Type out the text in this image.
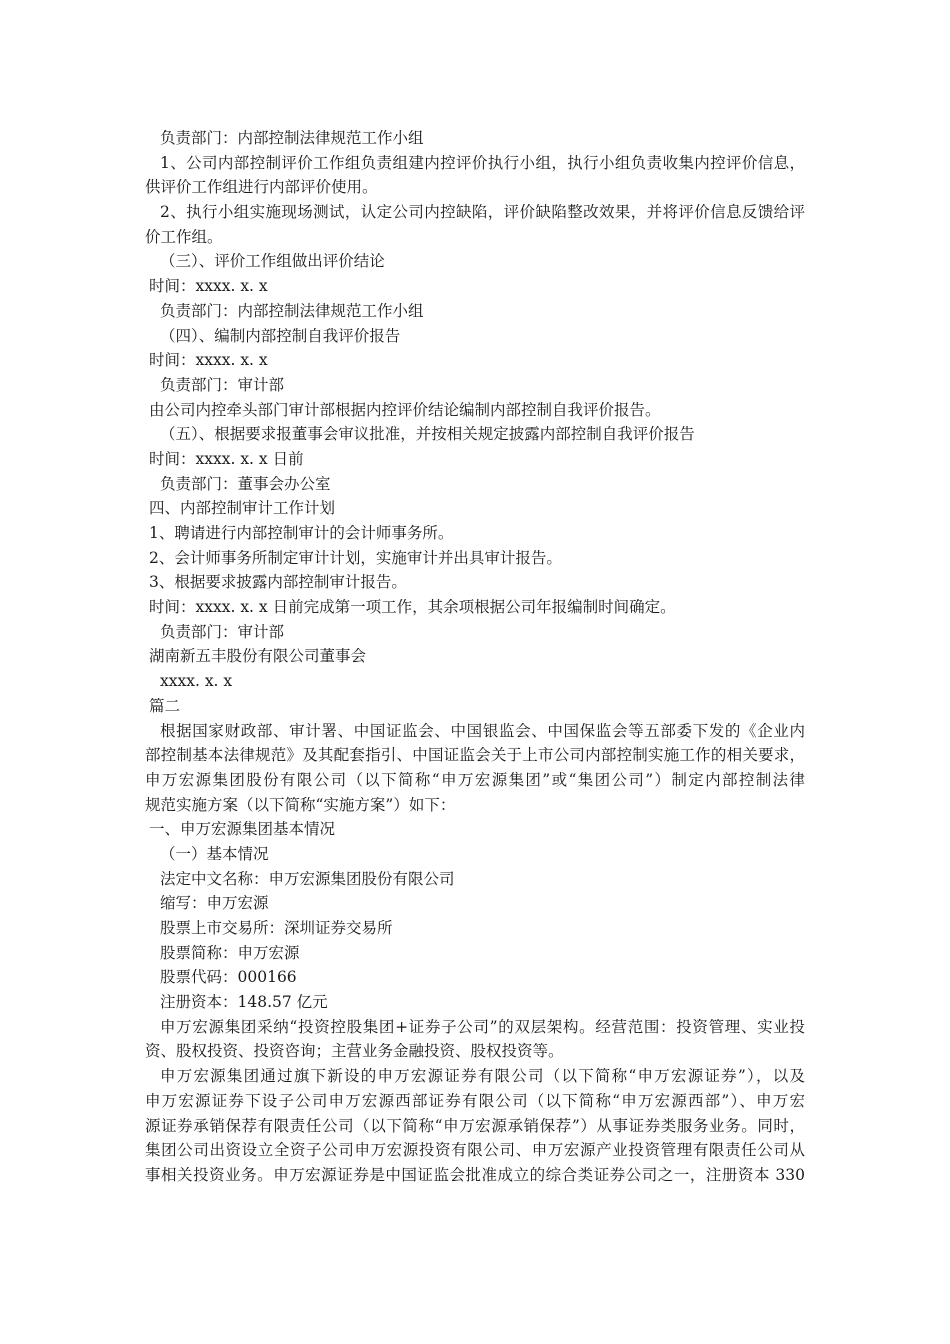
负责部门：内部控制法律规范工作小组
1、公司内部控制评价工作组负责组建内控评价执行小组，执行小组负责收集内控评价信息，
供评价工作组进行内部评价使用。
2、执行小组实施现场测试，认定公司内控缺陷，评价缺陷整改效果，并将评价信息反馈给评
价工作组。
（三）、评价工作组做出评价结论
时间：xxxx. x. x
负责部门：内部控制法律规范工作小组
（四）、编制内部控制自我评价报告
时间：xxxx. x. x
负责部门：审计部
由公司内控牵头部门审计部根据内控评价结论编制内部控制自我评价报告。
（五）、根据要求报董事会审议批准，并按相关规定披露内部控制自我评价报告
时间：xxxx. x. x 日前
负责部门：董事会办公室
四、内部控制审计工作计划
1、聘请进行内部控制审计的会计师事务所。
2、会计师事务所制定审计计划，实施审计并出具审计报告。
3、根据要求披露内部控制审计报告。
时间：xxxx. x. x 日前完成第一项工作，其余项根据公司年报编制时间确定。
负责部门：审计部
湖南新五丰股份有限公司董事会
xxxx. x. x
篇二
根据国家财政部、审计署、中国证监会、中国银监会、中国保监会等五部委下发的《企业内
部控制基本法律规范》及其配套指引、中国证监会关于上市公司内部控制实施工作的相关要求，
申万宏源集团股份有限公司（以下简称“申万宏源集团”或“集团公司”）制定内部控制法律
规范实施方案（以下简称“实施方案”）如下：
一、申万宏源集团基本情况
（一）基本情况
法定中文名称：申万宏源集团股份有限公司
缩写：申万宏源
股票上市交易所：深圳证券交易所
股票简称：申万宏源
股票代码：000166
注册资本：148.57 亿元
申万宏源集团采纳“投资控股集团+证券子公司”的双层架构。经营范围：投资管理、实业投
资、股权投资、投资咨询；主营业务金融投资、股权投资等。
申万宏源集团通过旗下新设的申万宏源证券有限公司（以下简称“申万宏源证券”），以及
申万宏源证券下设子公司申万宏源西部证券有限公司（以下简称“申万宏源西部”）、申万宏
源证券承销保荐有限责任公司（以下简称“申万宏源承销保荐”）从事证券类服务业务。同时，
集团公司出资设立全资子公司申万宏源投资有限公司、申万宏源产业投资管理有限责任公司从
事相关投资业务。申万宏源证券是中国证监会批准成立的综合类证券公司之一，注册资本 330
